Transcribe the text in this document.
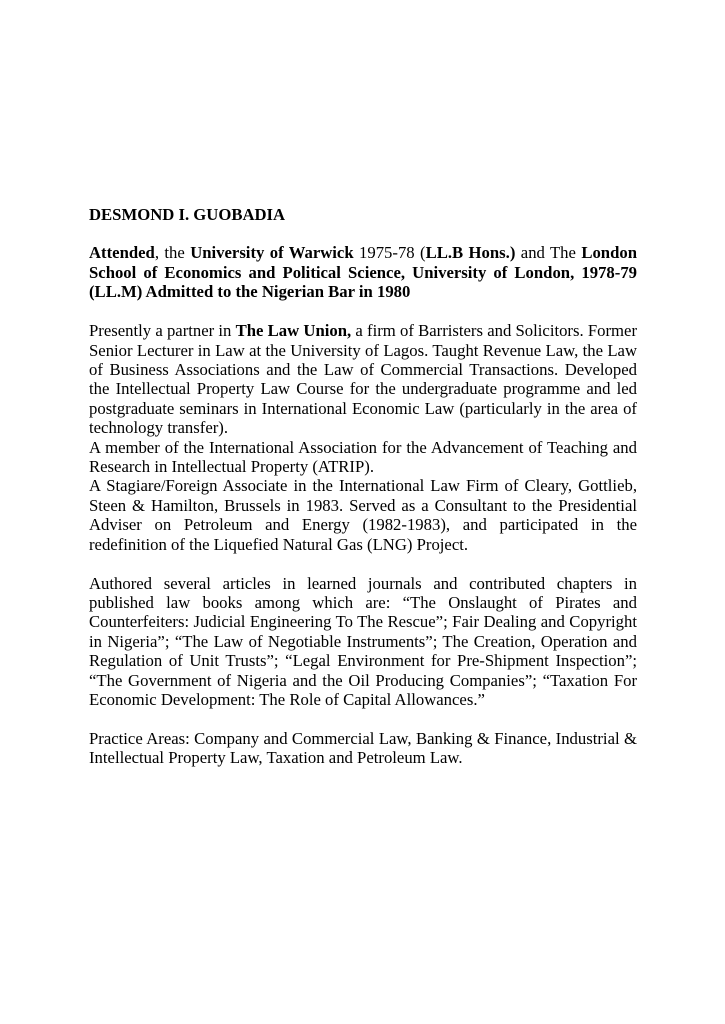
DESMOND I. GUOBADIA

Attended, the University of Warwick 1975-78 (LL.B Hons.) and The London School of Economics and Political Science, University of London, 1978-79 (LL.M) Admitted to the Nigerian Bar in 1980

Presently a partner in The Law Union, a firm of Barristers and Solicitors. Former Senior Lecturer in Law at the University of Lagos. Taught Revenue Law, the Law of Business Associations and the Law of Commercial Transactions. Developed the Intellectual Property Law Course for the undergraduate programme and led postgraduate seminars in International Economic Law (particularly in the area of technology transfer).

A member of the International Association for the Advancement of Teaching and Research in Intellectual Property (ATRIP).

A Stagiare/Foreign Associate in the International Law Firm of Cleary, Gottlieb, Steen & Hamilton, Brussels in 1983. Served as a Consultant to the Presidential Adviser on Petroleum and Energy (1982-1983), and participated in the redefinition of the Liquefied Natural Gas (LNG) Project.

Authored several articles in learned journals and contributed chapters in published law books among which are: “The Onslaught of Pirates and Counterfeiters: Judicial Engineering To The Rescue”; Fair Dealing and Copyright in Nigeria”; “The Law of Negotiable Instruments”; The Creation, Operation and Regulation of Unit Trusts”; “Legal Environment for Pre-Shipment Inspection”; “The Government of Nigeria and the Oil Producing Companies”; “Taxation For Economic Development: The Role of Capital Allowances.”

Practice Areas: Company and Commercial Law, Banking & Finance, Industrial & Intellectual Property Law, Taxation and Petroleum Law.
